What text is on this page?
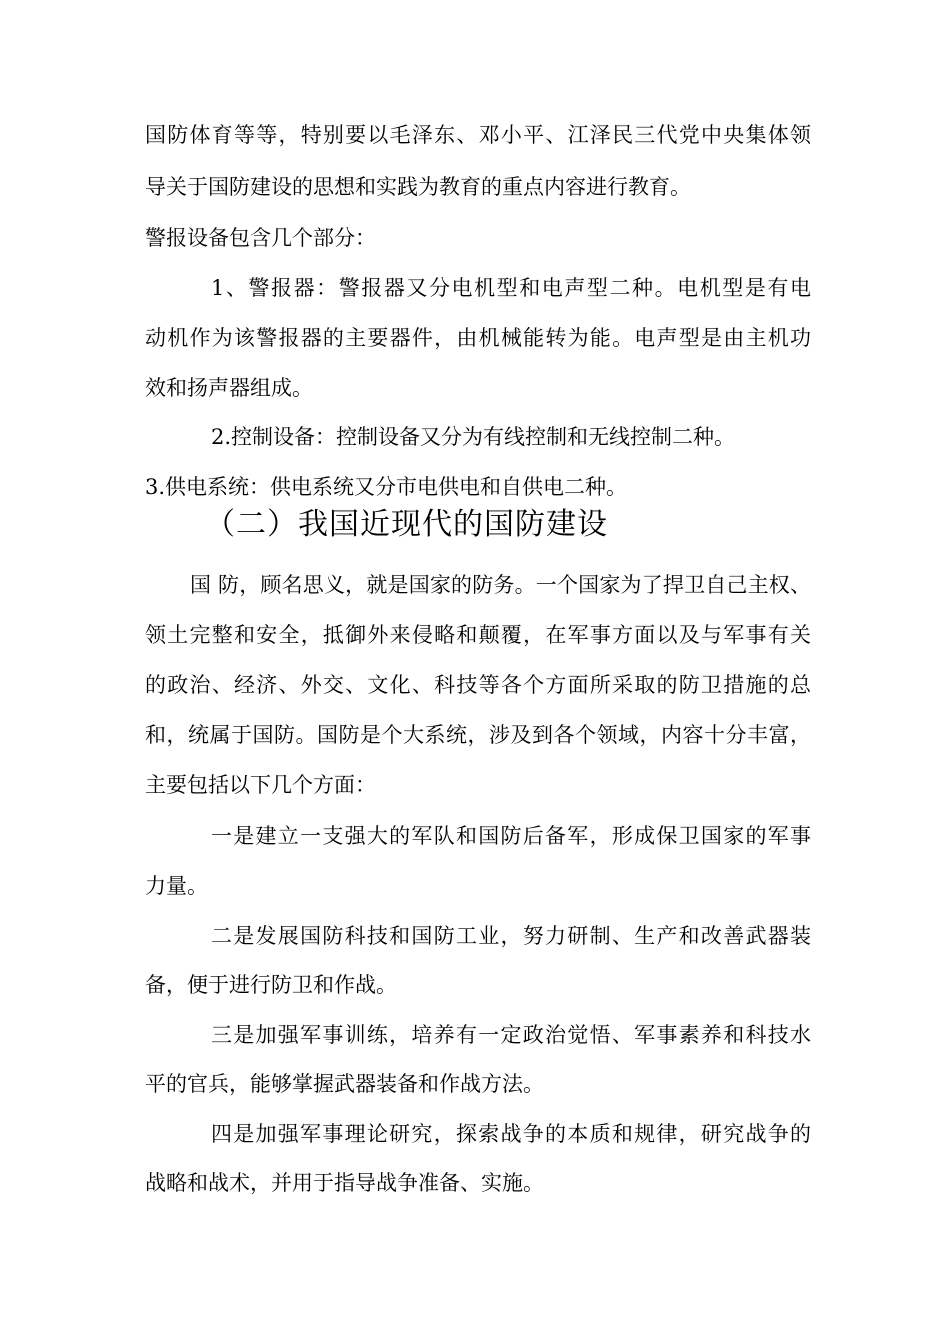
国防体育等等，特别要以毛泽东、邓小平、江泽民三代党中央集体领
导关于国防建设的思想和实践为教育的重点内容进行教育。
警报设备包含几个部分：
1、警报器：警报器又分电机型和电声型二种。电机型是有电
动机作为该警报器的主要器件，由机械能转为能。电声型是由主机功
效和扬声器组成。
2.控制设备：控制设备又分为有线控制和无线控制二种。
3.供电系统：供电系统又分市电供电和自供电二种。
（二）我国近现代的国防建设
国 防，顾名思义，就是国家的防务。一个国家为了捍卫自己主权、
领土完整和安全，抵御外来侵略和颠覆，在军事方面以及与军事有关
的政治、经济、外交、文化、科技等各个方面所采取的防卫措施的总
和，统属于国防。国防是个大系统，涉及到各个领域，内容十分丰富，
主要包括以下几个方面：
一是建立一支强大的军队和国防后备军，形成保卫国家的军事
力量。
二是发展国防科技和国防工业，努力研制、生产和改善武器装
备，便于进行防卫和作战。
三是加强军事训练，培养有一定政治觉悟、军事素养和科技水
平的官兵，能够掌握武器装备和作战方法。
四是加强军事理论研究，探索战争的本质和规律，研究战争的
战略和战术，并用于指导战争准备、实施。
